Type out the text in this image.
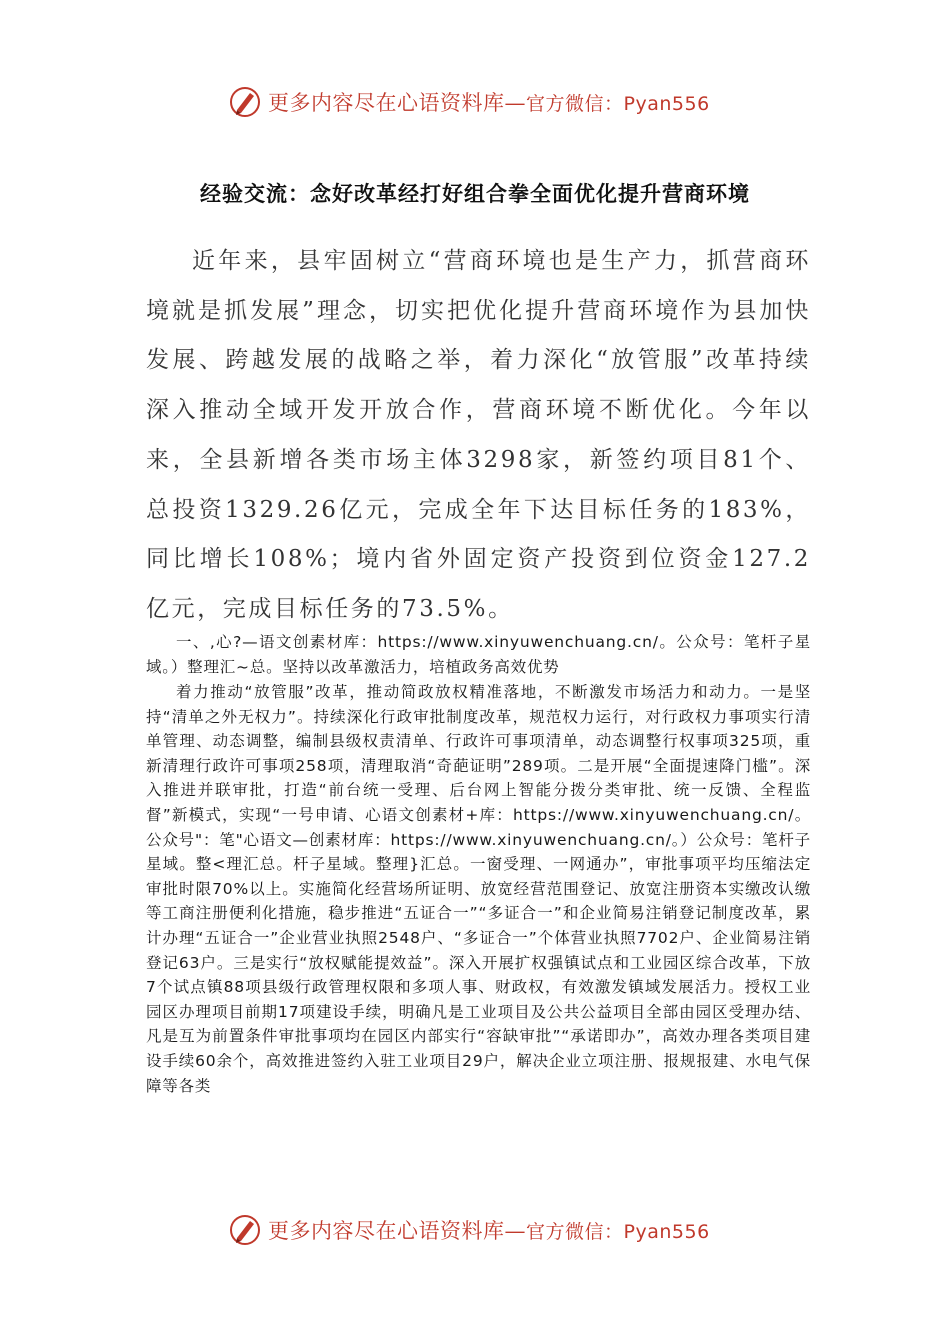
更多内容尽在心语资料库—官方微信：Pyan556
经验交流：念好改革经打好组合拳全面优化提升营商环境

近年来，县牢固树立“营商环境也是生产力，抓营商环境就是抓发展”理念，切实把优化提升营商环境作为县加快发展、跨越发展的战略之举，着力深化“放管服”改革持续深入推动全域开发开放合作，营商环境不断优化。今年以来，全县新增各类市场主体3298家，新签约项目81个、总投资1329.26亿元，完成全年下达目标任务的183%，同比增长108%；境内省外固定资产投资到位资金127.2亿元，完成目标任务的73.5%。

一、,心?—语文创素材库：https://www.xinyuwenchuang.cn/。公众号：笔杆子星域。）整理汇~总。坚持以改革激活力，培植政务高效优势

着力推动“放管服”改革，推动简政放权精准落地，不断激发市场活力和动力。一是坚持“清单之外无权力”。持续深化行政审批制度改革，规范权力运行，对行政权力事项实行清单管理、动态调整，编制县级权责清单、行政许可事项清单，动态调整行权事项325项，重新清理行政许可事项258项，清理取消“奇葩证明”289项。二是开展“全面提速降门槛”。深入推进并联审批，打造“前台统一受理、后台网上智能分拨分类审批、统一反馈、全程监督”新模式，实现“一号申请、心语文创素材+库：https://www.xinyuwenchuang.cn/。公众号"：笔"心语文—创素材库：https://www.xinyuwenchuang.cn/。）公众号：笔杆子星域。整<理汇总。杆子星域。整理}汇总。一窗受理、一网通办”，审批事项平均压缩法定审批时限70%以上。实施简化经营场所证明、放宽经营范围登记、放宽注册资本实缴改认缴等工商注册便利化措施，稳步推进“五证合一”“多证合一”和企业简易注销登记制度改革，累计办理“五证合一”企业营业执照2548户、“多证合一”个体营业执照7702户、企业简易注销登记63户。三是实行“放权赋能提效益”。深入开展扩权强镇试点和工业园区综合改革，下放7个试点镇88项县级行政管理权限和多项人事、财政权，有效激发镇域发展活力。授权工业园区办理项目前期17项建设手续，明确凡是工业项目及公共公益项目全部由园区受理办结、凡是互为前置条件审批事项均在园区内部实行“容缺审批”“承诺即办”，高效办理各类项目建设手续60余个，高效推进签约入驻工业项目29户，解决企业立项注册、报规报建、水电气保障等各类

更多内容尽在心语资料库—官方微信：Pyan556
